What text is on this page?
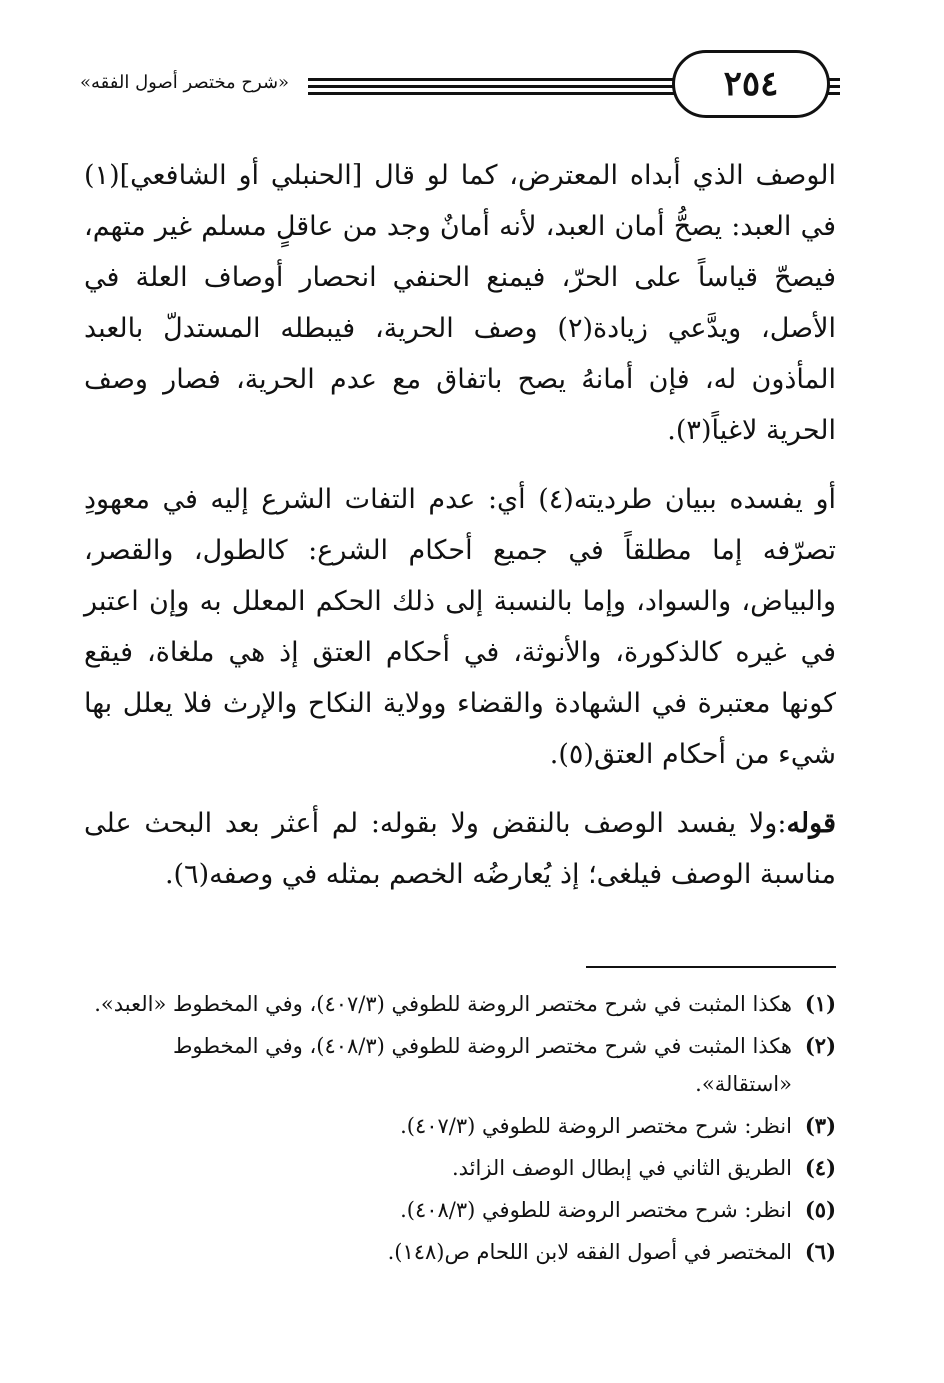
«شرح مختصر أصول الفقه»	٢٥٤

الوصف الذي أبداه المعترض، كما لو قال [الحنبلي أو الشافعي](١) في العبد: يصحُّ أمان العبد، لأنه أمانٌ وجد من عاقلٍ مسلم غير متهم، فيصحّ قياساً على الحرّ، فيمنع الحنفي انحصار أوصاف العلة في الأصل، ويدَّعي زيادة(٢) وصف الحرية، فيبطله المستدلّ بالعبد المأذون له، فإن أمانهُ يصح باتفاق مع عدم الحرية، فصار وصف الحرية لاغياً(٣).

أو يفسده ببيان طرديته(٤) أي: عدم التفات الشرع إليه في معهودِ تصرّفه إما مطلقاً في جميع أحكام الشرع: كالطول، والقصر، والبياض، والسواد، وإما بالنسبة إلى ذلك الحكم المعلل به وإن اعتبر في غيره كالذكورة، والأنوثة، في أحكام العتق إذ هي ملغاة، فيقع كونها معتبرة في الشهادة والقضاء وولاية النكاح والإرث فلا يعلل بها شيء من أحكام العتق(٥).

قوله:ولا يفسد الوصف بالنقض ولا بقوله: لم أعثر بعد البحث على مناسبة الوصف فيلغى؛ إذ يُعارضُه الخصم بمثله في وصفه(٦).

(١)
هكذا المثبت في شرح مختصر الروضة للطوفي (٤٠٧/٣)، وفي المخطوط «العبد».
(٢)
هكذا المثبت في شرح مختصر الروضة للطوفي (٤٠٨/٣)، وفي المخطوط «استقالة».
(٣)
انظر: شرح مختصر الروضة للطوفي (٤٠٧/٣).
(٤)
الطريق الثاني في إبطال الوصف الزائد.
(٥)
انظر: شرح مختصر الروضة للطوفي (٤٠٨/٣).
(٦)
المختصر في أصول الفقه لابن اللحام ص(١٤٨).
